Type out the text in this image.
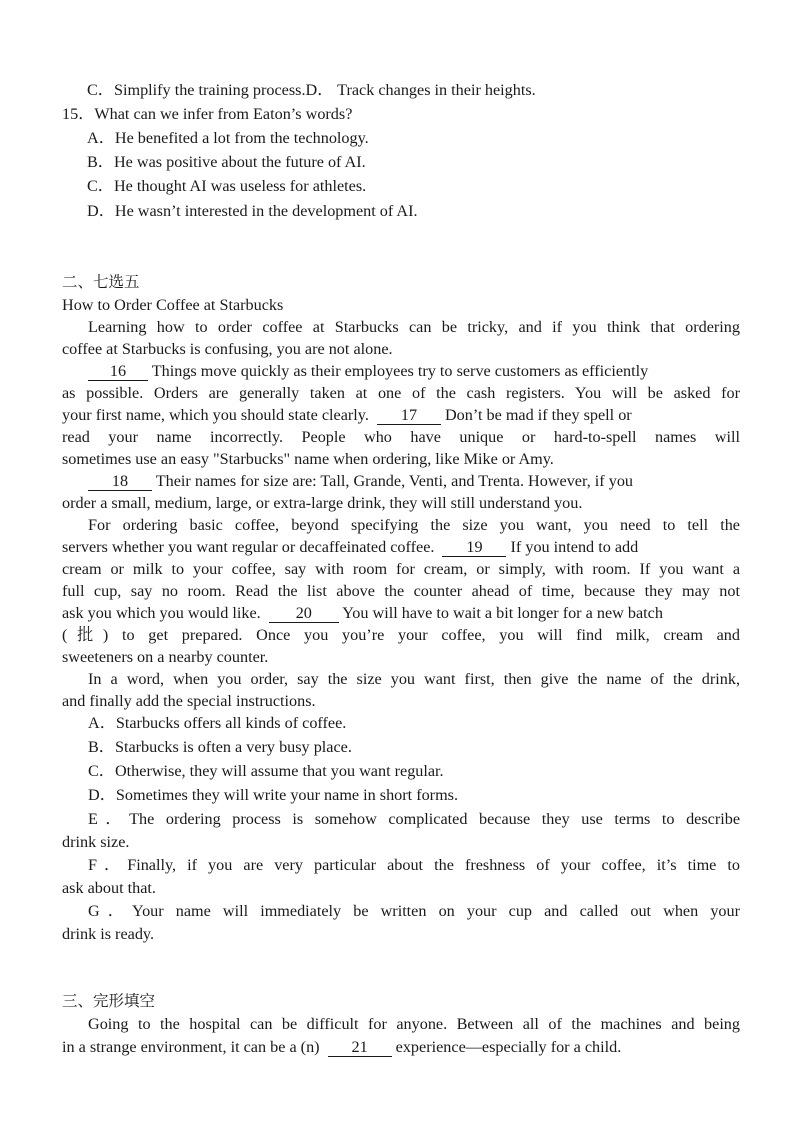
C．Simplify the training process.D． Track changes in their heights.
15．What can we infer from Eaton’s words?
A．He benefited a lot from the technology.
B．He was positive about the future of AI.
C．He thought AI was useless for athletes.
D．He wasn’t interested in the development of AI.
二、七选五
How to Order Coffee at Starbucks
Learning how to order coffee at Starbucks can be tricky, and if you think that ordering
coffee at Starbucks is confusing, you are not alone.
16 Things move quickly as their employees try to serve customers as efficiently
as possible. Orders are generally taken at one of the cash registers. You will be asked for
your first name, which you should state clearly. 17 Don’t be mad if they spell or
read your name incorrectly. People who have unique or hard-to-spell names will
sometimes use an easy "Starbucks" name when ordering, like Mike or Amy.
18 Their names for size are: Tall, Grande, Venti, and Trenta. However, if you
order a small, medium, large, or extra-large drink, they will still understand you.
For ordering basic coffee, beyond specifying the size you want, you need to tell the
servers whether you want regular or decaffeinated coffee. 19 If you intend to add
cream or milk to your coffee, say with room for cream, or simply, with room. If you want a
full cup, say no room. Read the list above the counter ahead of time, because they may not
ask you which you would like. 20 You will have to wait a bit longer for a new batch
(批) to get prepared. Once you you’re your coffee, you will find milk, cream and
sweeteners on a nearby counter.
In a word, when you order, say the size you want first, then give the name of the drink,
and finally add the special instructions.
A．Starbucks offers all kinds of coffee.
B．Starbucks is often a very busy place.
C．Otherwise, they will assume that you want regular.
D．Sometimes they will write your name in short forms.
E．The ordering process is somehow complicated because they use terms to describe
drink size.
F．Finally, if you are very particular about the freshness of your coffee, it’s time to
ask about that.
G．Your name will immediately be written on your cup and called out when your
drink is ready.
三、完形填空
Going to the hospital can be difficult for anyone. Between all of the machines and being
in a strange environment, it can be a (n) 21 experience—especially for a child.
